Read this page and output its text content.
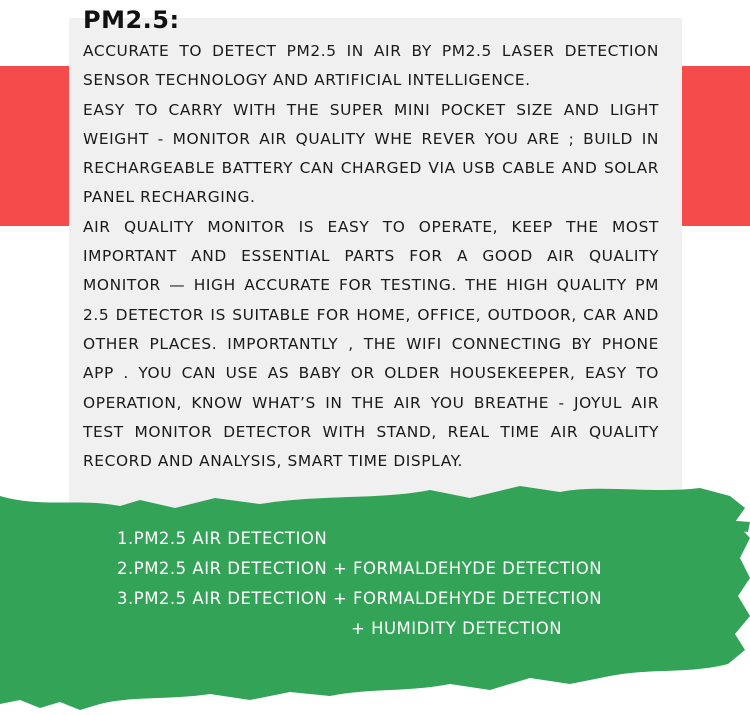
PM2.5:

ACCURATE TO DETECT PM2.5 IN AIR BY PM2.5 LASER DETECTION SENSOR TECHNOLOGY AND ARTIFICIAL INTELLIGENCE.

EASY TO CARRY WITH THE SUPER MINI POCKET SIZE AND LIGHT WEIGHT - MONITOR AIR QUALITY WHE REVER YOU ARE ; BUILD IN RECHARGEABLE BATTERY CAN CHARGED VIA USB CABLE AND SOLAR PANEL RECHARGING.

AIR QUALITY MONITOR IS EASY TO OPERATE, KEEP THE MOST IMPORTANT AND ESSENTIAL PARTS FOR A GOOD AIR QUALITY MONITOR — HIGH ACCURATE FOR TESTING. THE HIGH QUALITY PM 2.5 DETECTOR IS SUITABLE FOR HOME, OFFICE, OUTDOOR, CAR AND OTHER PLACES. IMPORTANTLY , THE WIFI CONNECTING BY PHONE APP . YOU CAN USE AS BABY OR OLDER HOUSEKEEPER, EASY TO OPERATION, KNOW WHAT’S IN THE AIR YOU BREATHE - JOYUL AIR TEST MONITOR DETECTOR WITH STAND, REAL TIME AIR QUALITY RECORD AND ANALYSIS, SMART TIME DISPLAY.

1.PM2.5 AIR DETECTION
2.PM2.5 AIR DETECTION + FORMALDEHYDE DETECTION
3.PM2.5 AIR DETECTION + FORMALDEHYDE DETECTION
+ HUMIDITY DETECTION
